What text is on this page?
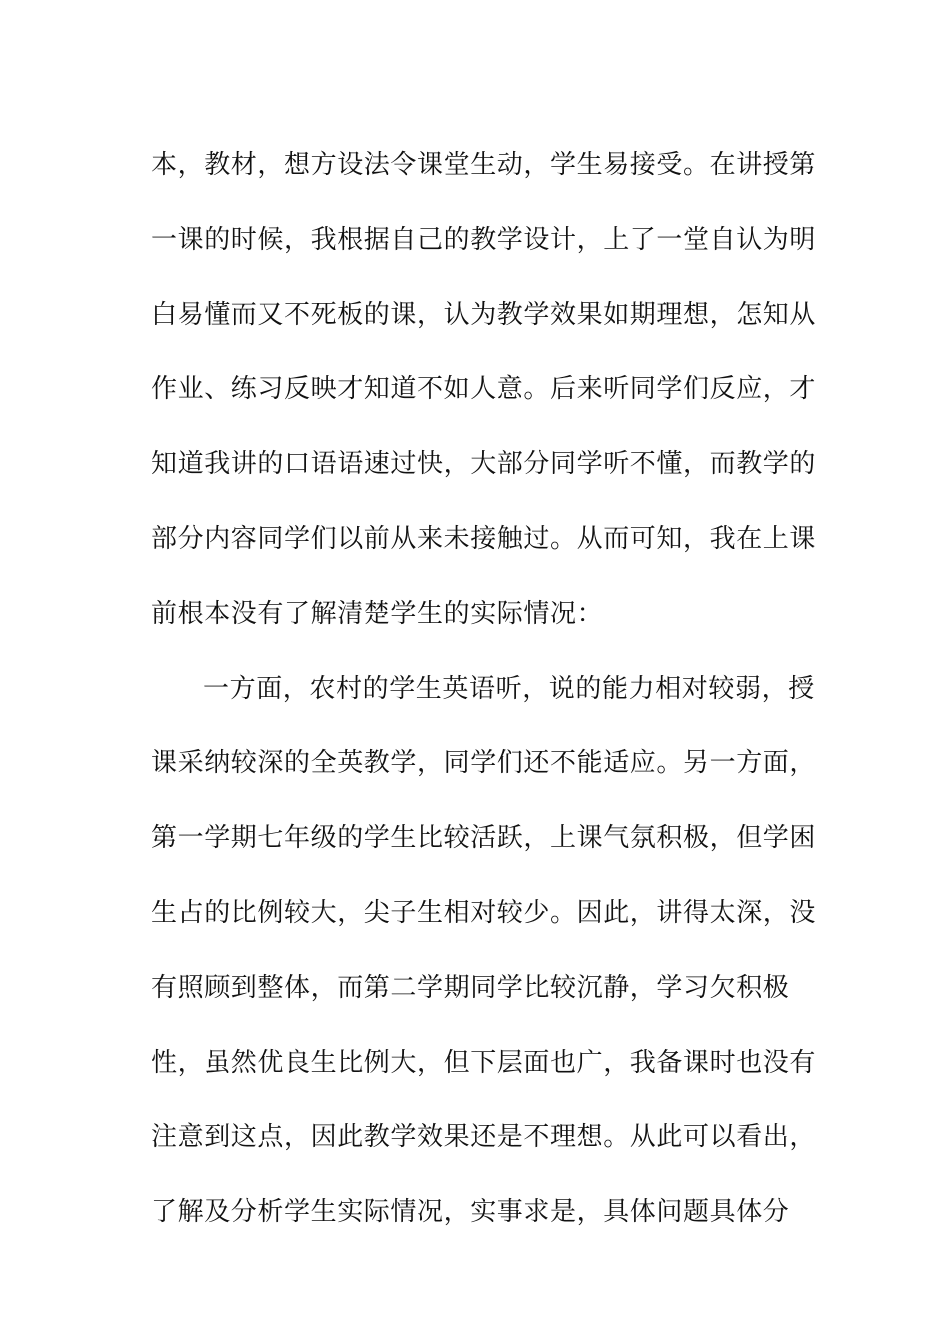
本，教材，想方设法令课堂生动，学生易接受。在讲授第
一课的时候，我根据自己的教学设计，上了一堂自认为明
白易懂而又不死板的课，认为教学效果如期理想，怎知从
作业、练习反映才知道不如人意。后来听同学们反应，才
知道我讲的口语语速过快，大部分同学听不懂，而教学的
部分内容同学们以前从来未接触过。从而可知，我在上课
前根本没有了解清楚学生的实际情况：
一方面，农村的学生英语听，说的能力相对较弱，授
课采纳较深的全英教学，同学们还不能适应。另一方面，
第一学期七年级的学生比较活跃，上课气氛积极，但学困
生占的比例较大，尖子生相对较少。因此，讲得太深，没
有照顾到整体，而第二学期同学比较沉静，学习欠积极
性，虽然优良生比例大，但下层面也广，我备课时也没有
注意到这点，因此教学效果还是不理想。从此可以看出，
了解及分析学生实际情况，实事求是，具体问题具体分
